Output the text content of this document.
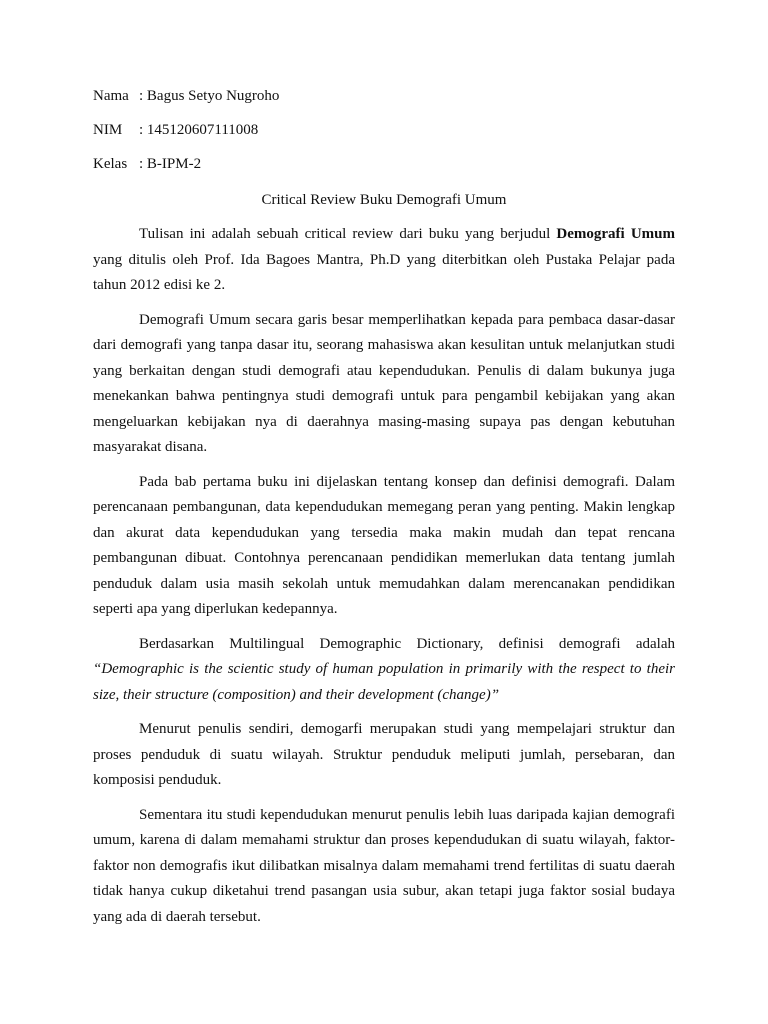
Nama : Bagus Setyo Nugroho
NIM	: 145120607111008
Kelas : B-IPM-2
Critical Review Buku Demografi Umum

Tulisan ini adalah sebuah critical review dari buku yang berjudul Demografi Umum yang ditulis oleh Prof. Ida Bagoes Mantra, Ph.D yang diterbitkan oleh Pustaka Pelajar pada tahun 2012 edisi ke 2.

Demografi Umum secara garis besar memperlihatkan kepada para pembaca dasar-dasar dari demografi yang tanpa dasar itu, seorang mahasiswa akan kesulitan untuk melanjutkan studi yang berkaitan dengan studi demografi atau kependudukan. Penulis di dalam bukunya juga menekankan bahwa pentingnya studi demografi untuk para pengambil kebijakan yang akan mengeluarkan kebijakan nya di daerahnya masing-masing supaya pas dengan kebutuhan masyarakat disana.

Pada bab pertama buku ini dijelaskan tentang konsep dan definisi demografi. Dalam perencanaan pembangunan, data kependudukan memegang peran yang penting. Makin lengkap dan akurat data kependudukan yang tersedia maka makin mudah dan tepat rencana pembangunan dibuat. Contohnya perencanaan pendidikan memerlukan data tentang jumlah penduduk dalam usia masih sekolah untuk memudahkan dalam merencanakan pendidikan seperti apa yang diperlukan kedepannya.

Berdasarkan Multilingual Demographic Dictionary, definisi demografi adalah “Demographic is the scientic study of human population in primarily with the respect to their size, their structure (composition) and their development (change)”

Menurut penulis sendiri, demogarfi merupakan studi yang mempelajari struktur dan proses penduduk di suatu wilayah. Struktur penduduk meliputi jumlah, persebaran, dan komposisi penduduk.

Sementara itu studi kependudukan menurut penulis lebih luas daripada kajian demografi umum, karena di dalam memahami struktur dan proses kependudukan di suatu wilayah, faktor-faktor non demografis ikut dilibatkan misalnya dalam memahami trend fertilitas di suatu daerah tidak hanya cukup diketahui trend pasangan usia subur, akan tetapi juga faktor sosial budaya yang ada di daerah tersebut.
